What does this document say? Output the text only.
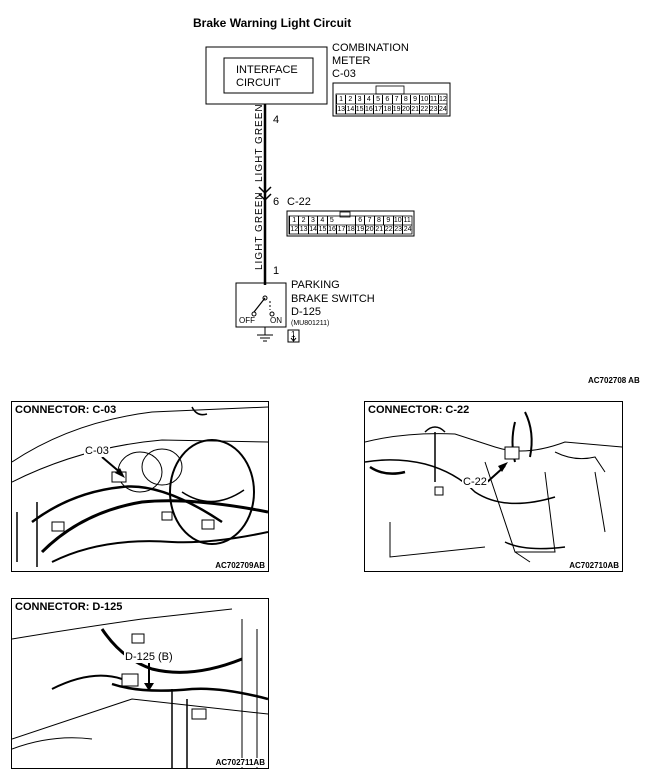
Brake Warning Light Circuit
INTERFACE
CIRCUIT
COMBINATION
METER
C-03
1 2 3 4 5 6 7 8 9 10 11 12
13 14 15 16 17 18 19 20 21 22 23 24
1 2 3 4 5	6 7 8 9 10 11
12 13 14 15 16 17 18 19 20 21 22 23 24
LIGHT GREEN
LIGHT GREEN
4
6 C-22
1
PARKING
BRAKE SWITCH
D-125
(MU801211)
OFF ON
1
AC702708 AB
CONNECTOR: C-03
C-03
AC702709AB
CONNECTOR: C-22
C-22
AC702710AB
CONNECTOR: D-125
D-125 (B)
AC702711AB
